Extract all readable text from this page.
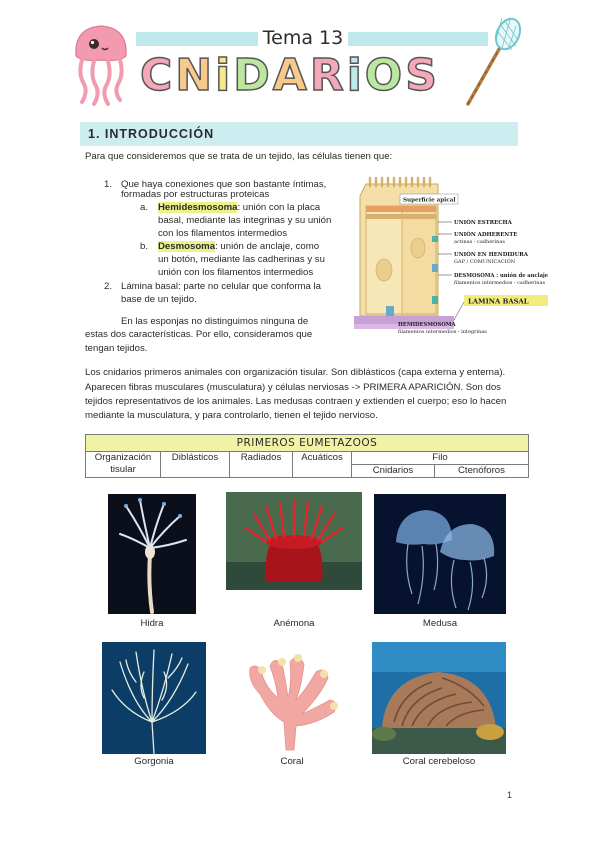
Tema 13
C N i D A R i O S
1. INTRODUCCIÓN
Para que consideremos que se trata de un tejido, las células tienen que:
1. Que haya conexiones que son bastante íntimas,
formadas por estructuras proteicas
a. Hemidesmosoma: unión con la placa
basal, mediante las integrinas y su unión
con los filamentos intermedios
b. Desmosoma: unión de anclaje, como
un botón, mediante las cadherinas y su
unión con los filamentos intermedios
2. Lámina basal: parte no celular que conforma la
base de un tejido.
En las esponjas no distinguimos ninguna de
estas dos características. Por ello, consideramos que
tengan tejidos.
Superficie apical
UNIÓN ESTRECHA
UNIÓN ADHERENTE
actinas - cadherinas
UNIÓN EN HENDIDURA
GAP / COMUNICACIÓN
DESMOSOMA : unión de anclaje
filamentos intermedios - cadherinas
LAMINA BASAL
HEMIDESMOSOMA
filamentos intermedios - integrinas
Los cnidarios primeros animales con organización tisular. Son diblásticos (capa externa y enterna).
Aparecen fibras musculares (musculatura) y células nerviosas -> PRIMERA APARICIÓN. Son dos
tejidos representativos de los animales. Las medusas contraen y extienden el cuerpo; eso lo hacen
mediante la musculatura, y para controlarlo, tienen el tejido nervioso.
PRIMEROS EUMETAZOOS					
Organización tisular	Diblásticos	Radiados	Acuáticos	Filo	
				Cnidarios	Ctenóforos
Hidra	Anémona	Medusa
Gorgonia	Coral	Coral cerebeloso
1
